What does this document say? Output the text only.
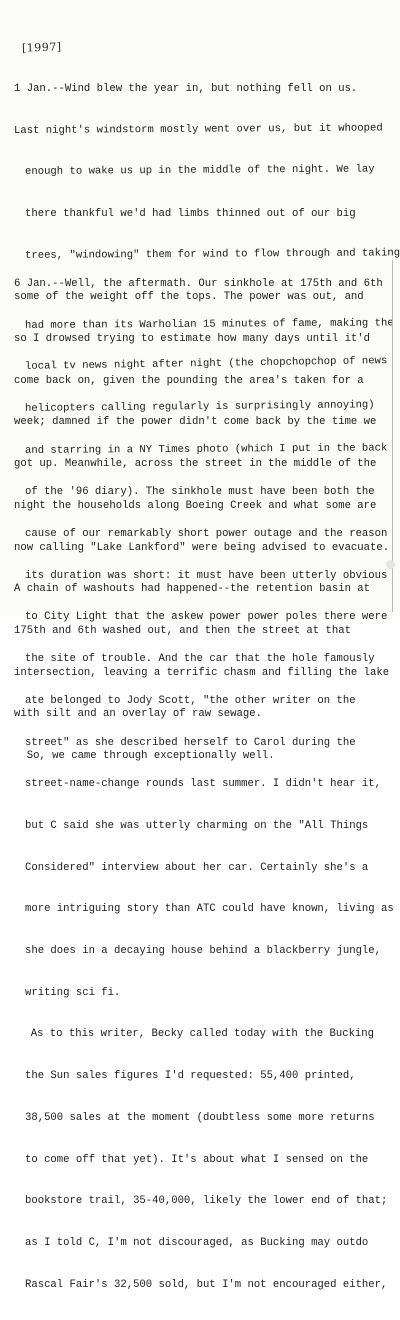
[1997]

1 Jan.--Wind blew the year in, but nothing fell on us.

Last night's windstorm mostly went over us, but it whooped

enough to wake us up in the middle of the night. We lay

there thankful we'd had limbs thinned out of our big

trees, "windowing" them for wind to flow through and taking

some of the weight off the tops. The power was out, and

so I drowsed trying to estimate how many days until it'd

come back on, given the pounding the area's taken for a

week; damned if the power didn't come back by the time we

got up. Meanwhile, across the street in the middle of the

night the households along Boeing Creek and what some are

now calling "Lake Lankford" were being advised to evacuate.

A chain of washouts had happened--the retention basin at

175th and 6th washed out, and then the street at that

intersection, leaving a terrific chasm and filling the lake

with silt and an overlay of raw sewage.

So, we came through exceptionally well.

6 Jan.--Well, the aftermath. Our sinkhole at 175th and 6th

had more than its Warholian 15 minutes of fame, making the

local tv news night after night (the chopchopchop of news

helicopters calling regularly is surprisingly annoying)

and starring in a NY Times photo (which I put in the back

of the '96 diary). The sinkhole must have been both the

cause of our remarkably short power outage and the reason

its duration was short: it must have been utterly obvious

to City Light that the askew power power poles there were

the site of trouble. And the car that the hole famously

ate belonged to Jody Scott, "the other writer on the

street" as she described herself to Carol during the

street-name-change rounds last summer. I didn't hear it,

but C said she was utterly charming on the "All Things

Considered" interview about her car. Certainly she's a

more intriguing story than ATC could have known, living as

she does in a decaying house behind a blackberry jungle,

writing sci fi.

As to this writer, Becky called today with the Bucking

the Sun sales figures I'd requested: 55,400 printed,

38,500 sales at the moment (doubtless some more returns

to come off that yet). It's about what I sensed on the

bookstore trail, 35-40,000, likely the lower end of that;

as I told C, I'm not discouraged, as Bucking may outdo

Rascal Fair's 32,500 sold, but I'm not encouraged either,
